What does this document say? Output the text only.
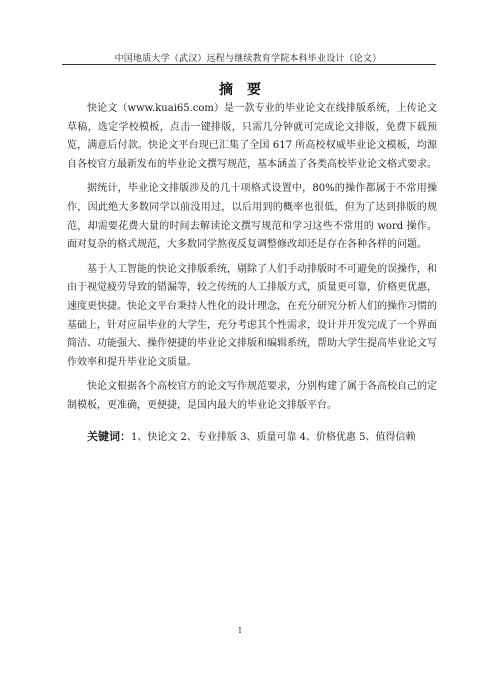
中国地质大学（武汉）远程与继续教育学院本科毕业设计（论文）
摘要

快论文（www.kuai65.com）是一款专业的毕业论文在线排版系统，上传论文草稿，选定学校模板，点击一键排版，只需几分钟就可完成论文排版，免费下载预览，满意后付款。快论文平台现已汇集了全国 617 所高校权威毕业论文模板，均源自各校官方最新发布的毕业论文撰写规范，基本涵盖了各类高校毕业论文格式要求。

据统计，毕业论文排版涉及的几十项格式设置中，80%的操作都属于不常用操作，因此绝大多数同学以前没用过，以后用到的概率也很低，但为了达到排版的规范，却需要花费大量的时间去解读论文撰写规范和学习这些不常用的 word 操作。面对复杂的格式规范，大多数同学熬夜反复调整修改却还是存在各种各样的问题。

基于人工智能的快论文排版系统，剔除了人们手动排版时不可避免的误操作，和由于视觉疲劳导致的错漏等，较之传统的人工排版方式，质量更可靠，价格更优惠，速度更快捷。快论文平台秉持人性化的设计理念，在充分研究分析人们的操作习惯的基础上，针对应届毕业的大学生，充分考虑其个性需求，设计并开发完成了一个界面简洁、功能强大、操作便捷的毕业论文排版和编辑系统，帮助大学生提高毕业论文写作效率和提升毕业论文质量。

快论文根据各个高校官方的论文写作规范要求，分别构建了属于各高校自己的定制模板，更准确，更便捷，是国内最大的毕业论文排版平台。

关键词：1、快论文 2、专业排版 3、质量可靠 4、价格优惠 5、值得信赖
I
